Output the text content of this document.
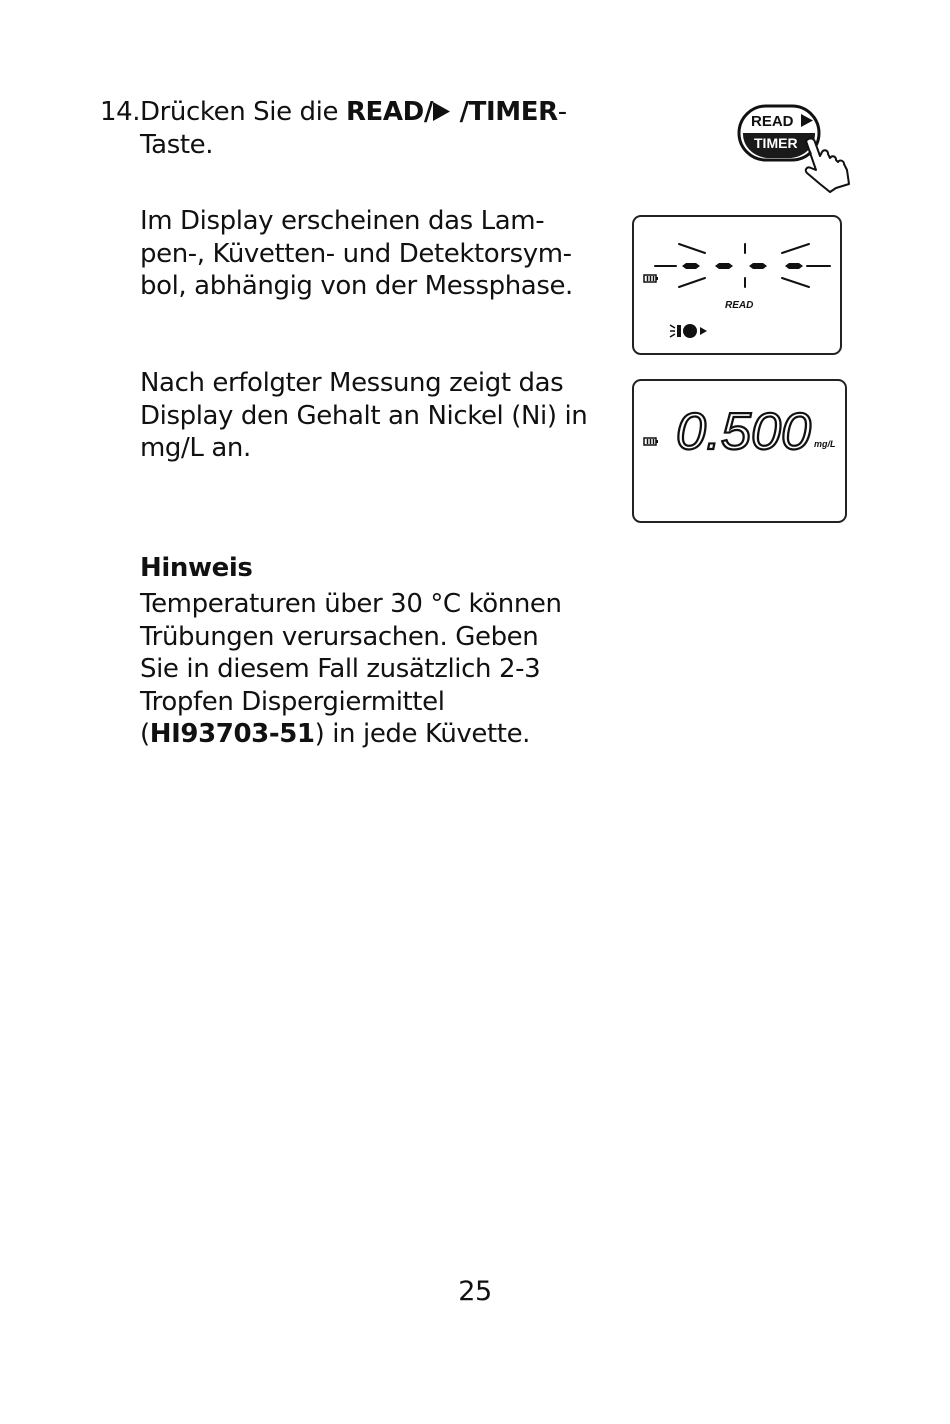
14. Drücken Sie die READ/ /TIMER-
Taste.
Im Display erscheinen das Lam-
pen-, Küvetten- und Detektorsym-
bol, abhängig von der Messphase.
Nach erfolgter Messung zeigt das
Display den Gehalt an Nickel (Ni) in
mg/L an.
Hinweis
Temperaturen über 30 °C können
Trübungen verursachen. Geben
Sie in diesem Fall zusätzlich 2-3
Tropfen Dispergiermittel
(HI93703-51) in jede Küvette.
READ
TIMER
READ
0.500 mg/L
25
